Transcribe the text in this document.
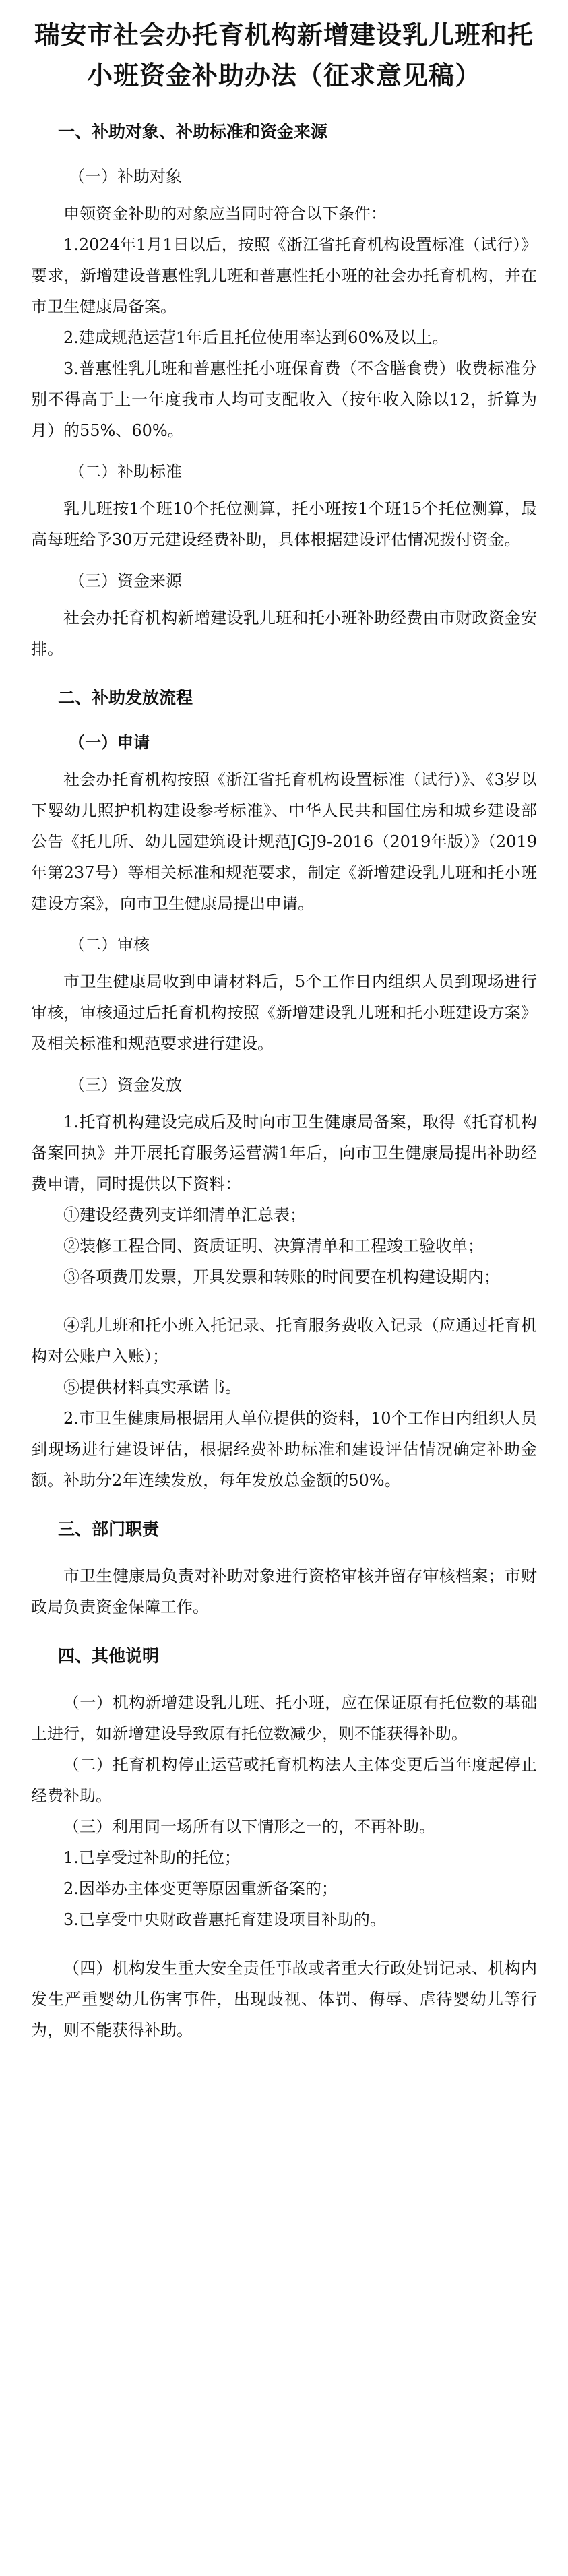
瑞安市社会办托育机构新增建设乳儿班和托小班资金补助办法（征求意见稿）
一、补助对象、补助标准和资金来源
（一）补助对象

申领资金补助的对象应当同时符合以下条件：

1.2024年1月1日以后，按照《浙江省托育机构设置标准（试行）》要求，新增建设普惠性乳儿班和普惠性托小班的社会办托育机构，并在市卫生健康局备案。

2.建成规范运营1年后且托位使用率达到60%及以上。

3.普惠性乳儿班和普惠性托小班保育费（不含膳食费）收费标准分别不得高于上一年度我市人均可支配收入（按年收入除以12，折算为月）的55%、60%。

（二）补助标准

乳儿班按1个班10个托位测算，托小班按1个班15个托位测算，最高每班给予30万元建设经费补助，具体根据建设评估情况拨付资金。

（三）资金来源

社会办托育机构新增建设乳儿班和托小班补助经费由市财政资金安排。

二、补助发放流程
（一）申请

社会办托育机构按照《浙江省托育机构设置标准（试行）》、《3岁以下婴幼儿照护机构建设参考标准》、中华人民共和国住房和城乡建设部公告《托儿所、幼儿园建筑设计规范JGJ9-2016（2019年版）》（2019年第237号）等相关标准和规范要求，制定《新增建设乳儿班和托小班建设方案》，向市卫生健康局提出申请。

（二）审核

市卫生健康局收到申请材料后，5个工作日内组织人员到现场进行审核，审核通过后托育机构按照《新增建设乳儿班和托小班建设方案》及相关标准和规范要求进行建设。

（三）资金发放

1.托育机构建设完成后及时向市卫生健康局备案，取得《托育机构备案回执》并开展托育服务运营满1年后，向市卫生健康局提出补助经费申请，同时提供以下资料：

①建设经费列支详细清单汇总表；

②装修工程合同、资质证明、决算清单和工程竣工验收单；

③各项费用发票，开具发票和转账的时间要在机构建设期内；

④乳儿班和托小班入托记录、托育服务费收入记录（应通过托育机构对公账户入账）；

⑤提供材料真实承诺书。

2.市卫生健康局根据用人单位提供的资料，10个工作日内组织人员到现场进行建设评估，根据经费补助标准和建设评估情况确定补助金额。补助分2年连续发放，每年发放总金额的50%。

三、部门职责

市卫生健康局负责对补助对象进行资格审核并留存审核档案；市财政局负责资金保障工作。

四、其他说明

（一）机构新增建设乳儿班、托小班，应在保证原有托位数的基础上进行，如新增建设导致原有托位数减少，则不能获得补助。

（二）托育机构停止运营或托育机构法人主体变更后当年度起停止经费补助。

（三）利用同一场所有以下情形之一的，不再补助。

1.已享受过补助的托位；

2.因举办主体变更等原因重新备案的；

3.已享受中央财政普惠托育建设项目补助的。

（四）机构发生重大安全责任事故或者重大行政处罚记录、机构内发生严重婴幼儿伤害事件，出现歧视、体罚、侮辱、虐待婴幼儿等行为，则不能获得补助。
